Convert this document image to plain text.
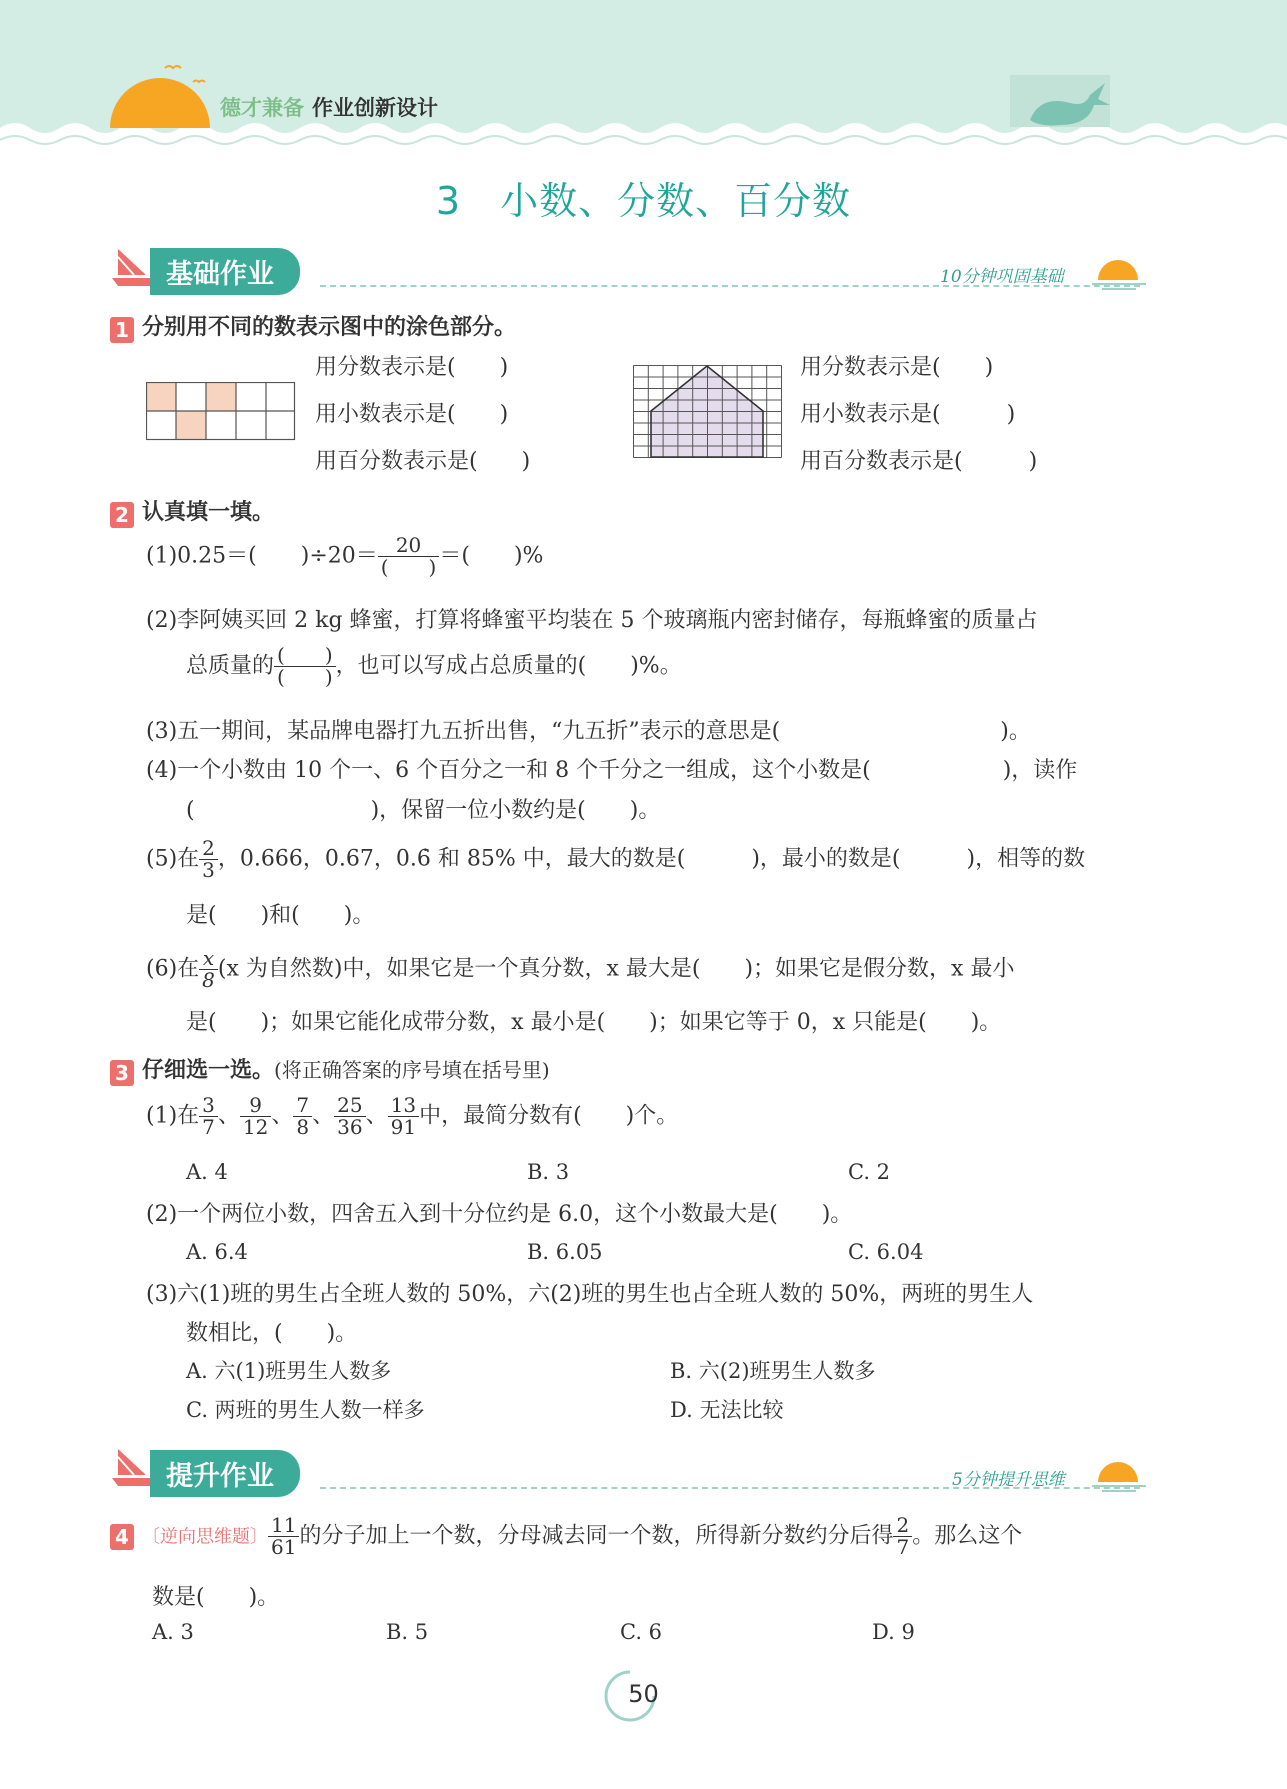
德才兼备 作业创新设计
3　小数、分数、百分数
基础作业	10分钟巩固基础
1 分别用不同的数表示图中的涂色部分。
用分数表示是(　　)
用小数表示是(　　)
用百分数表示是(　　)
用分数表示是(　　)
用小数表示是(　　　)
用百分数表示是(　　　)
2 认真填一填。
(1)0.25＝(　　)$\div 20= \frac{20}{( )}$ ＝(　　)%
(2)李阿姨买回 2 kg 蜂蜜，打算将蜂蜜平均装在 5 个玻璃瓶内密封储存，每瓶蜂蜜的质量占
总质量的 $\frac{( )}{( )}$ ，也可以写成占总质量的(　　)%。
(3)五一期间，某品牌电器打九五折出售，“九五折”表示的意思是(　　　　　　　　　　)。
(4)一个小数由 10 个一、6 个百分之一和 8 个千分之一组成，这个小数是(　　　　　　)，读作
(　　　　　　　　)，保留一位小数约是(　　)。
(5)在 $\frac{2}{3}$ ，0.666，0.67，0.6̇ 和 85% 中，最大的数是(　　　)，最小的数是(　　　)，相等的数
是(　　)和(　　)。
(6)在 $\frac{x}{8} (x$ 为自然数)中，如果它是一个真分数，x 最大是(　　)；如果它是假分数，x 最小
是(　　)；如果它能化成带分数，x 最小是(　　)；如果它等于 0，x 只能是(　　)。
3 仔细选一选。(将正确答案的序号填在括号里)
(1)在 $\frac{3}{7}$ 、 $\frac{9}{12}$ 、 $\frac{7}{8}$ 、 $\frac{25}{36}$ 、 $\frac{13}{91}$ 中，最简分数有(　　)个。
A. 4	B. 3	C. 2
(2)一个两位小数，四舍五入到十分位约是 6.0，这个小数最大是(　　)。
A. 6.4	B. 6.05	C. 6.04
(3)六(1)班的男生占全班人数的 50%，六(2)班的男生也占全班人数的 50%，两班的男生人
数相比，(　　)。
A. 六(1)班男生人数多	B. 六(2)班男生人数多
C. 两班的男生人数一样多	D. 无法比较
提升作业	5分钟提升思维
4 〔逆向思维题〕 $\frac{11}{61}$ 的分子加上一个数，分母减去同一个数，所得新分数约分后得 $\frac{2}{7}$ 。那么这个
数是(　　)。
A. 3	B. 5	C. 6	D. 9
50
